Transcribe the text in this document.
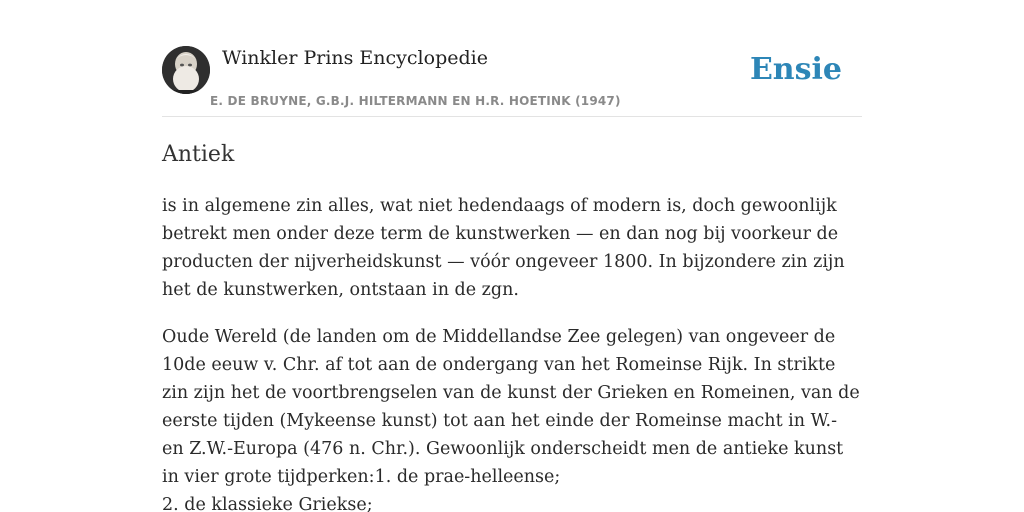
Winkler Prins Encyclopedie
E. DE BRUYNE, G.B.J. HILTERMANN EN H.R. HOETINK (1947)
Ensie
Antiek

is in algemene zin alles, wat niet hedendaags of modern is, doch gewoonlijk betrekt men onder deze term de kunstwerken — en dan nog bij voorkeur de producten der nijverheidskunst — vóór ongeveer 1800. In bijzondere zin zijn het de kunstwerken, ontstaan in de zgn.

Oude Wereld (de landen om de Middellandse Zee gelegen) van ongeveer de 10de eeuw v. Chr. af tot aan de ondergang van het Romeinse Rijk. In strikte zin zijn het de voortbrengselen van de kunst der Grieken en Romeinen, van de eerste tijden (Mykeense kunst) tot aan het einde der Romeinse macht in W.- en Z.W.-Europa (476 n. Chr.). Gewoonlijk onderscheidt men de antieke kunst in vier grote tijdperken:1. de prae-helleense;
2. de klassieke Griekse;
